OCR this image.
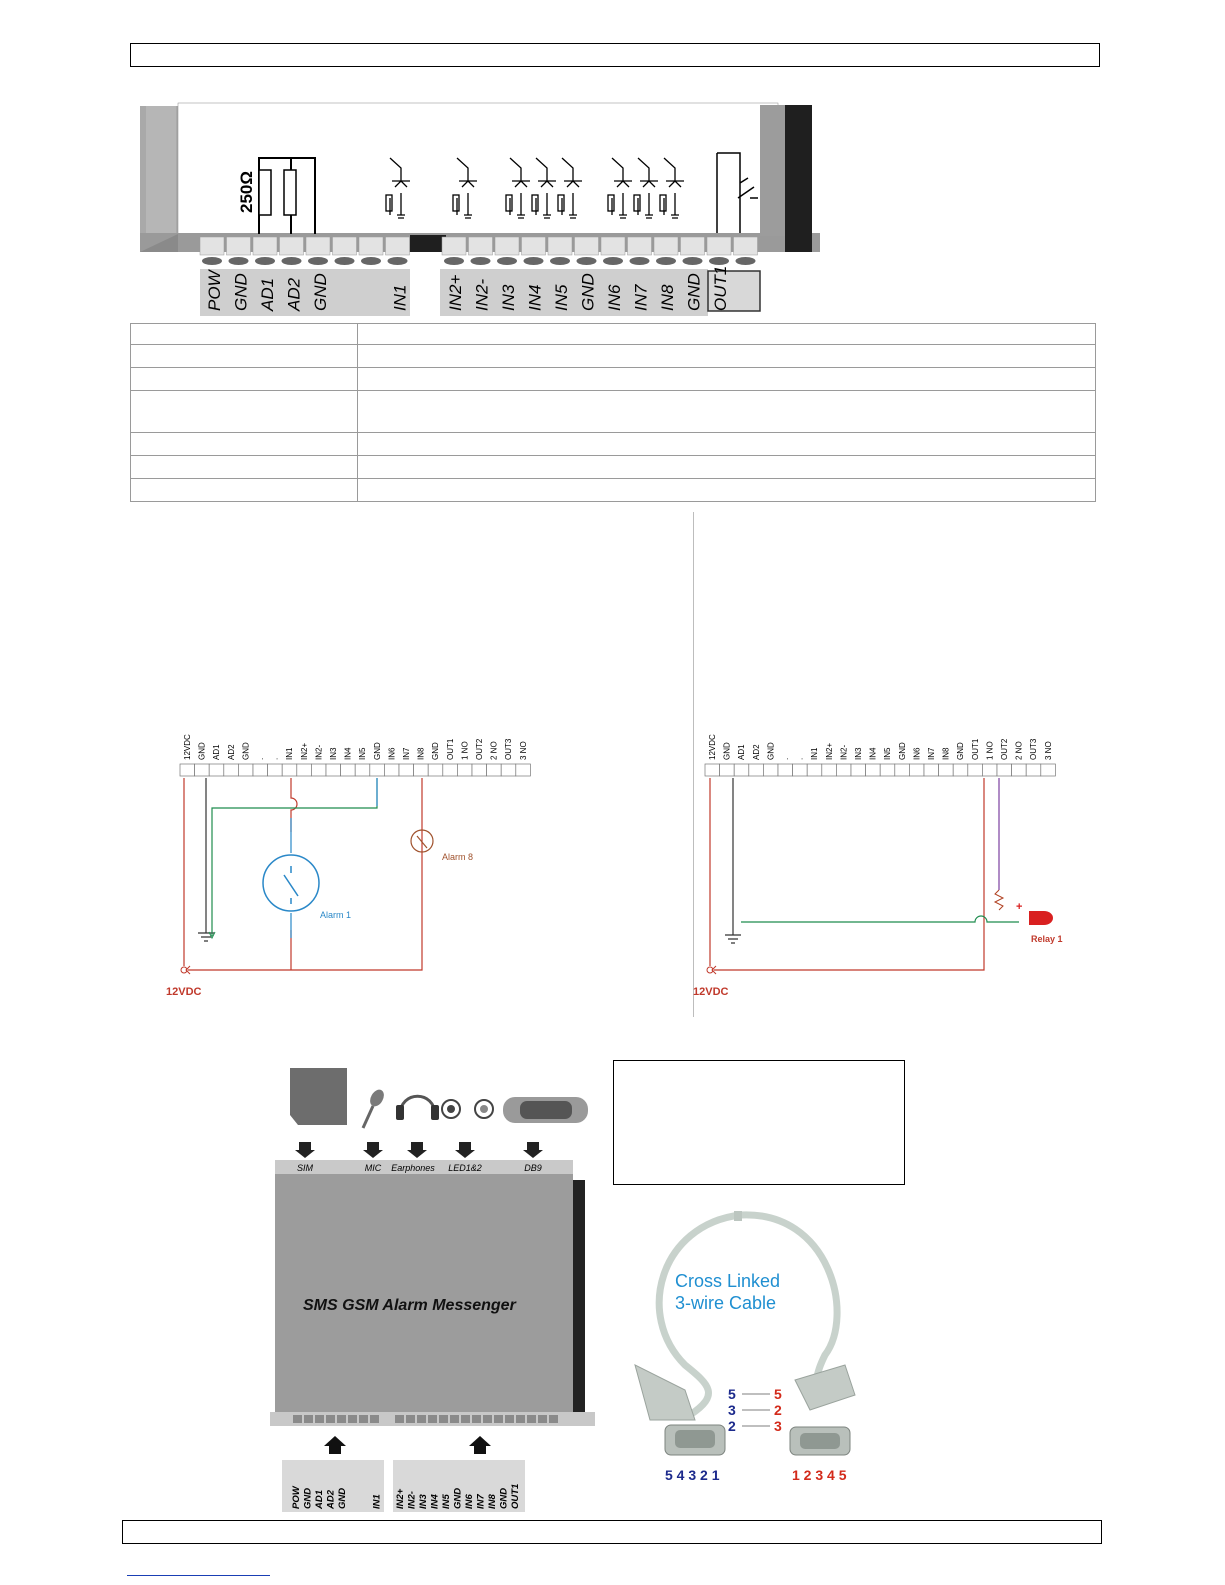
250Ω
POW GND AD1 AD2 GND	IN1 IN2+ IN2- IN3 IN4 IN5 GND IN6 IN7 IN8 GND OUT1

12VDC GND AD1 AD2 GND . . IN1 IN2+ IN2- IN3 IN4 IN5 GND IN6 IN7 IN8 GND OUT1 1 NO OUT2 2 NO OUT3 3 NO
Alarm 1
Alarm 8
12VDC
12VDC GND AD1 AD2 GND . . IN1 IN2+ IN2- IN3 IN4 IN5 GND IN6 IN7 IN8 GND OUT1 1 NO OUT2 2 NO OUT3 3 NO
+
Relay 1
12VDC
SMS GSM Alarm Messenger
SIM	MIC Earphones LED1&2	DB9
POW GND AD1 AD2 GND IN1 IN2+ IN2- IN3 IN4 IN5 GND IN6 IN7 IN8 GND OUT1
Cross Linked
3-wire Cable
5	5
3	2
2	3
5 4 3 2 1	1 2 3 4 5
